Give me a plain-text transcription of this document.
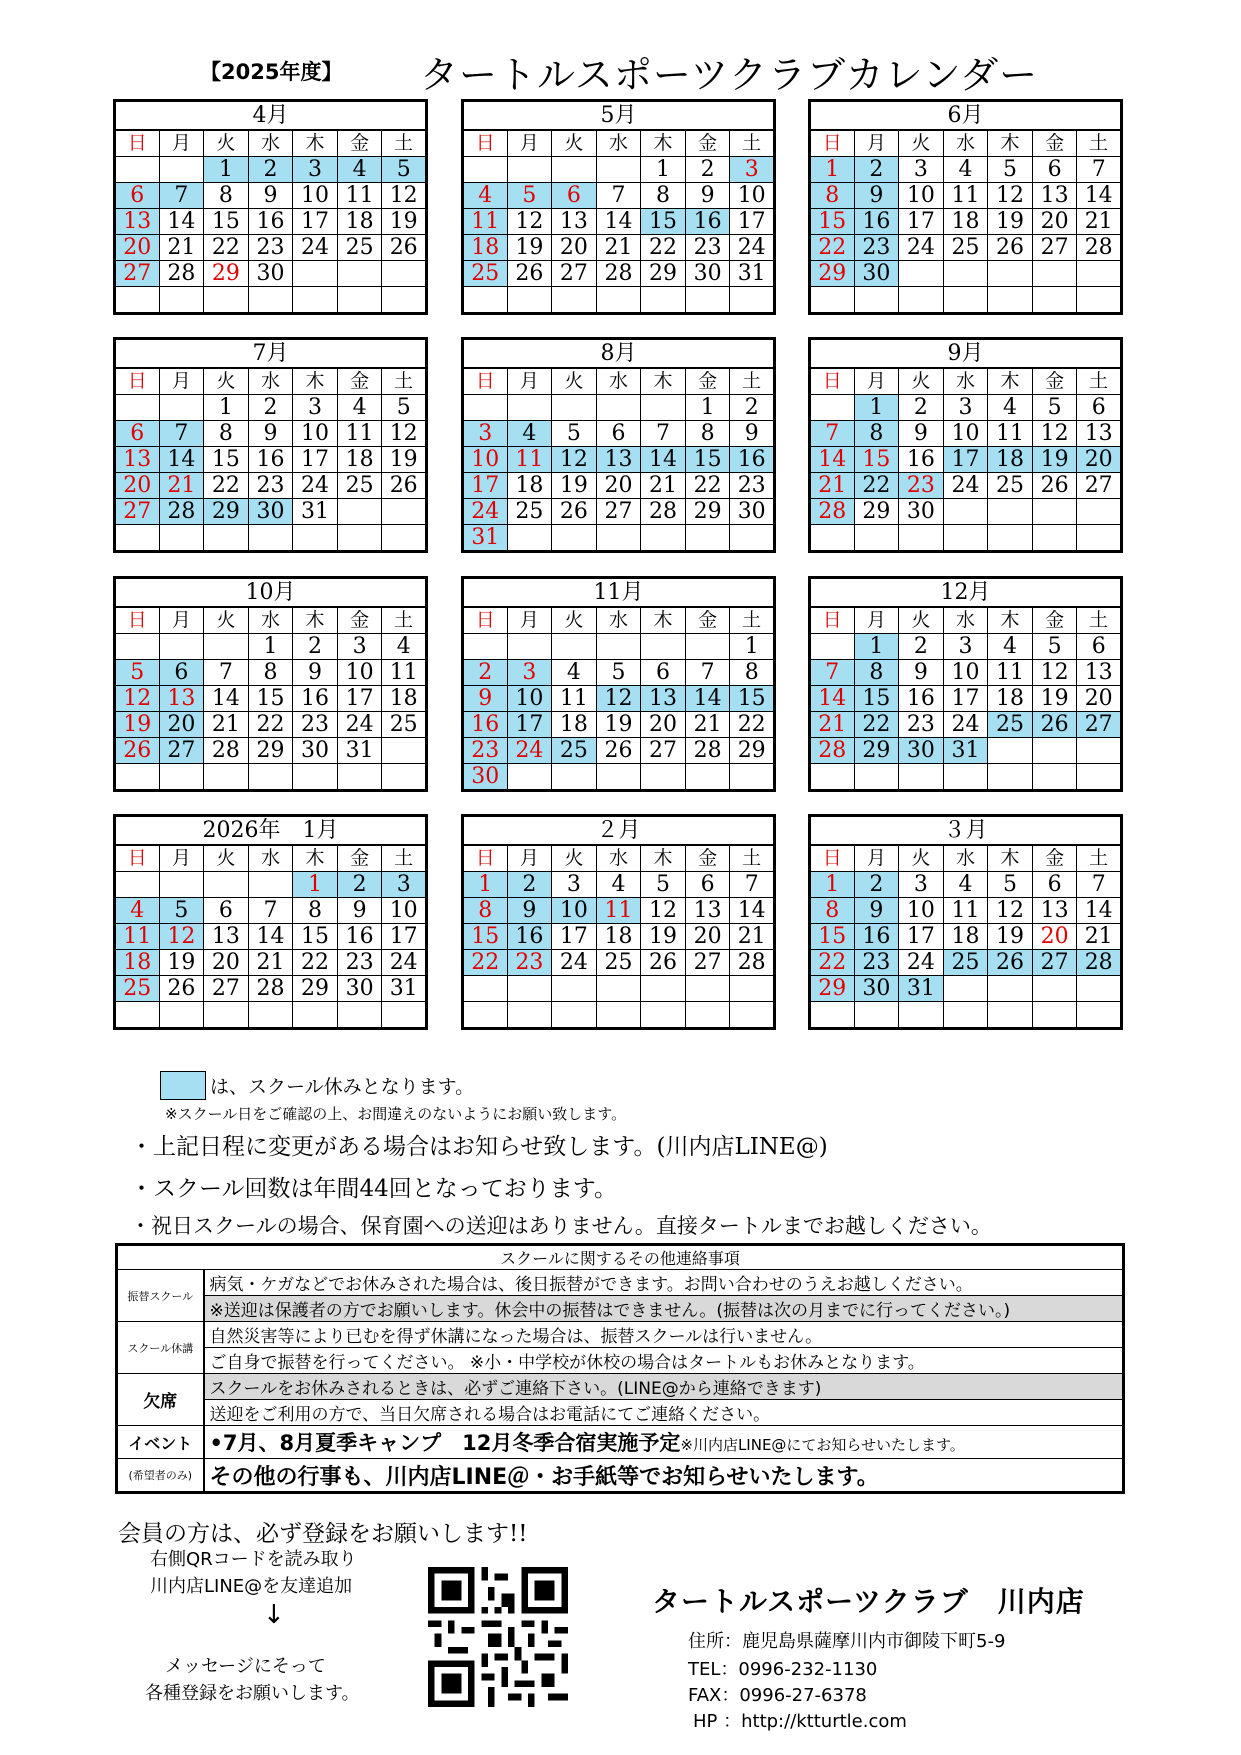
【2025年度】 タートルスポーツクラブカレンダー
4月						
日	月	火	水	木	金	土
		1	2	3	4	5
6	7	8	9	10	11	12
13	14	15	16	17	18	19
20	21	22	23	24	25	26
27	28	29	30			

5月						
日	月	火	水	木	金	土
				1	2	3
4	5	6	7	8	9	10
11	12	13	14	15	16	17
18	19	20	21	22	23	24
25	26	27	28	29	30	31

6月						
日	月	火	水	木	金	土
1	2	3	4	5	6	7
8	9	10	11	12	13	14
15	16	17	18	19	20	21
22	23	24	25	26	27	28
29	30					

7月						
日	月	火	水	木	金	土
		1	2	3	4	5
6	7	8	9	10	11	12
13	14	15	16	17	18	19
20	21	22	23	24	25	26
27	28	29	30	31		

8月						
日	月	火	水	木	金	土
					1	2
3	4	5	6	7	8	9
10	11	12	13	14	15	16
17	18	19	20	21	22	23
24	25	26	27	28	29	30
31						
9月						
日	月	火	水	木	金	土
	1	2	3	4	5	6
7	8	9	10	11	12	13
14	15	16	17	18	19	20
21	22	23	24	25	26	27
28	29	30				

10月						
日	月	火	水	木	金	土
			1	2	3	4
5	6	7	8	9	10	11
12	13	14	15	16	17	18
19	20	21	22	23	24	25
26	27	28	29	30	31	

11月						
日	月	火	水	木	金	土
						1
2	3	4	5	6	7	8
9	10	11	12	13	14	15
16	17	18	19	20	21	22
23	24	25	26	27	28	29
30						
12月						
日	月	火	水	木	金	土
	1	2	3	4	5	6
7	8	9	10	11	12	13
14	15	16	17	18	19	20
21	22	23	24	25	26	27
28	29	30	31			

2026年　1月						
日	月	火	水	木	金	土
				1	2	3
4	5	6	7	8	9	10
11	12	13	14	15	16	17
18	19	20	21	22	23	24
25	26	27	28	29	30	31

２月						
日	月	火	水	木	金	土
1	2	3	4	5	6	7
8	9	10	11	12	13	14
15	16	17	18	19	20	21
22	23	24	25	26	27	28

３月						
日	月	火	水	木	金	土
1	2	3	4	5	6	7
8	9	10	11	12	13	14
15	16	17	18	19	20	21
22	23	24	25	26	27	28
29	30	31				

は、スクール休みとなります。
※スクール日をご確認の上、お間違えのないようにお願い致します。
・上記日程に変更がある場合はお知らせ致します。(川内店LINE@)
・スクール回数は年間44回となっております。
・祝日スクールの場合、保育園への送迎はありません。直接タートルまでお越しください。
スクールに関するその他連絡事項	
振替スクール	病気・ケガなどでお休みされた場合は、後日振替ができます。お問い合わせのうえお越しください。
	※送迎は保護者の方でお願いします。休会中の振替はできません。(振替は次の月までに行ってください。)
スクール休講	自然災害等により已むを得ず休講になった場合は、振替スクールは行いません。
	ご自身で振替を行ってください。 ※小・中学校が休校の場合はタートルもお休みとなります。
欠席	スクールをお休みされるときは、必ずご連絡下さい。(LINE@から連絡できます)
	送迎をご利用の方で、当日欠席される場合はお電話にてご連絡ください。
イベント	•7月、8月夏季キャンプ　12月冬季合宿実施予定※川内店LINE@にてお知らせいたします。
(希望者のみ)	その他の行事も、川内店LINE＠・お手紙等でお知らせいたします。
会員の方は、必ず登録をお願いします!!
右側QRコードを読み取り
川内店LINE@を友達追加
↓
メッセージにそって
各種登録をお願いします。
タートルスポーツクラブ　川内店
住所：鹿児島県薩摩川内市御陵下町5-9
TEL：0996-232-1130
FAX：0996-27-6378
HP ：http://ktturtle.com
